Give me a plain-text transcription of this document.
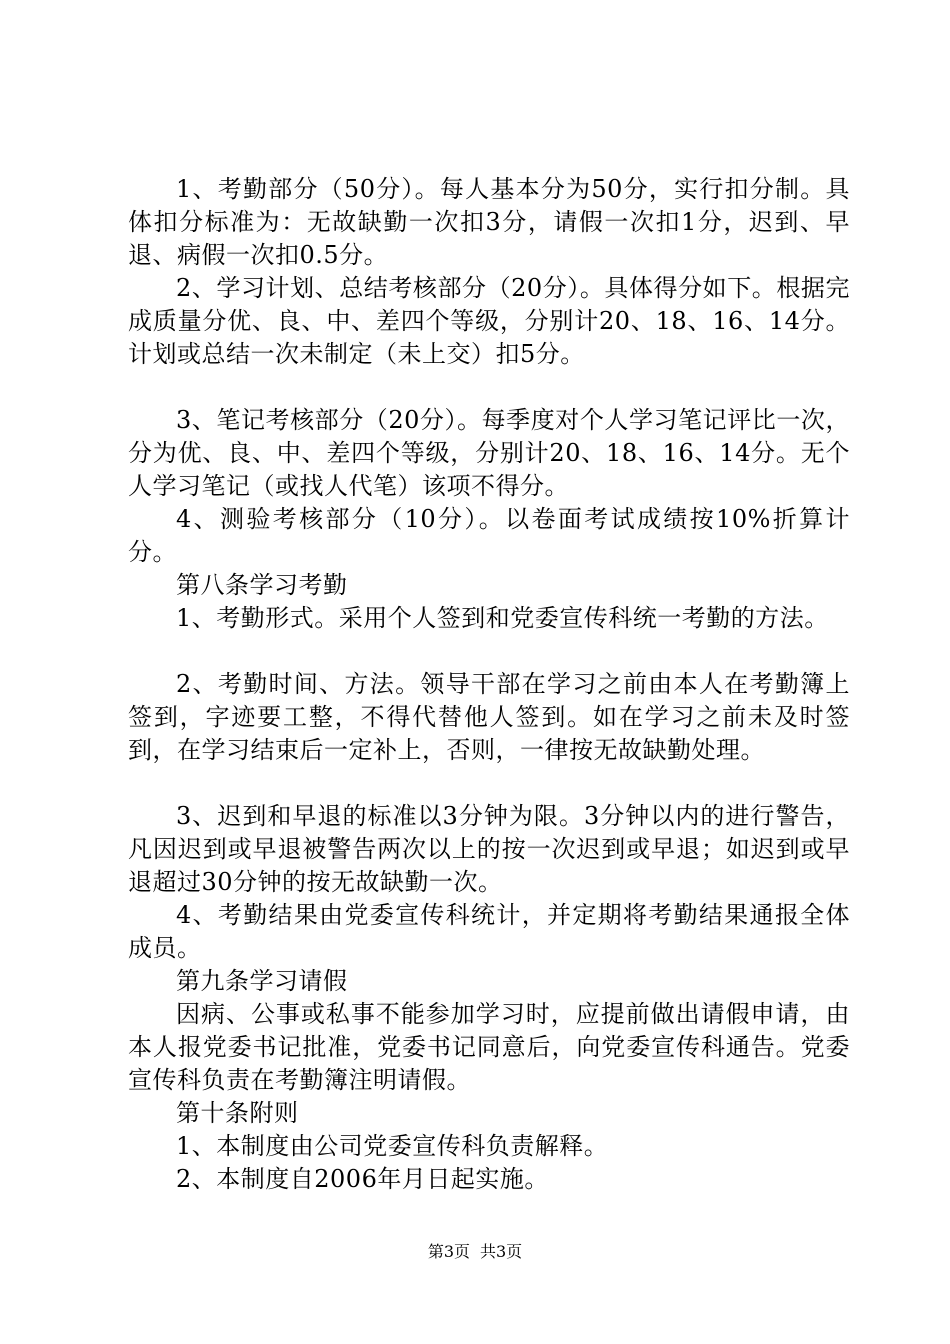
1、考勤部分（50分）。每人基本分为50分，实行扣分制。具体扣分标准为：无故缺勤一次扣3分，请假一次扣1分，迟到、早退、病假一次扣0.5分。

2、学习计划、总结考核部分（20分）。具体得分如下。根据完成质量分优、良、中、差四个等级，分别计20、18、16、14分。计划或总结一次未制定（未上交）扣5分。

3、笔记考核部分（20分）。每季度对个人学习笔记评比一次，分为优、良、中、差四个等级，分别计20、18、16、14分。无个人学习笔记（或找人代笔）该项不得分。

4、测验考核部分（10分）。以卷面考试成绩按10%折算计分。

第八条学习考勤

1、考勤形式。采用个人签到和党委宣传科统一考勤的方法。

2、考勤时间、方法。领导干部在学习之前由本人在考勤簿上签到，字迹要工整，不得代替他人签到。如在学习之前未及时签到，在学习结束后一定补上，否则，一律按无故缺勤处理。

3、迟到和早退的标准以3分钟为限。3分钟以内的进行警告，凡因迟到或早退被警告两次以上的按一次迟到或早退；如迟到或早退超过30分钟的按无故缺勤一次。

4、考勤结果由党委宣传科统计，并定期将考勤结果通报全体成员。

第九条学习请假

因病、公事或私事不能参加学习时，应提前做出请假申请，由本人报党委书记批准，党委书记同意后，向党委宣传科通告。党委宣传科负责在考勤簿注明请假。

第十条附则

1、本制度由公司党委宣传科负责解释。

2、本制度自2006年月日起实施。

第3页 共3页
